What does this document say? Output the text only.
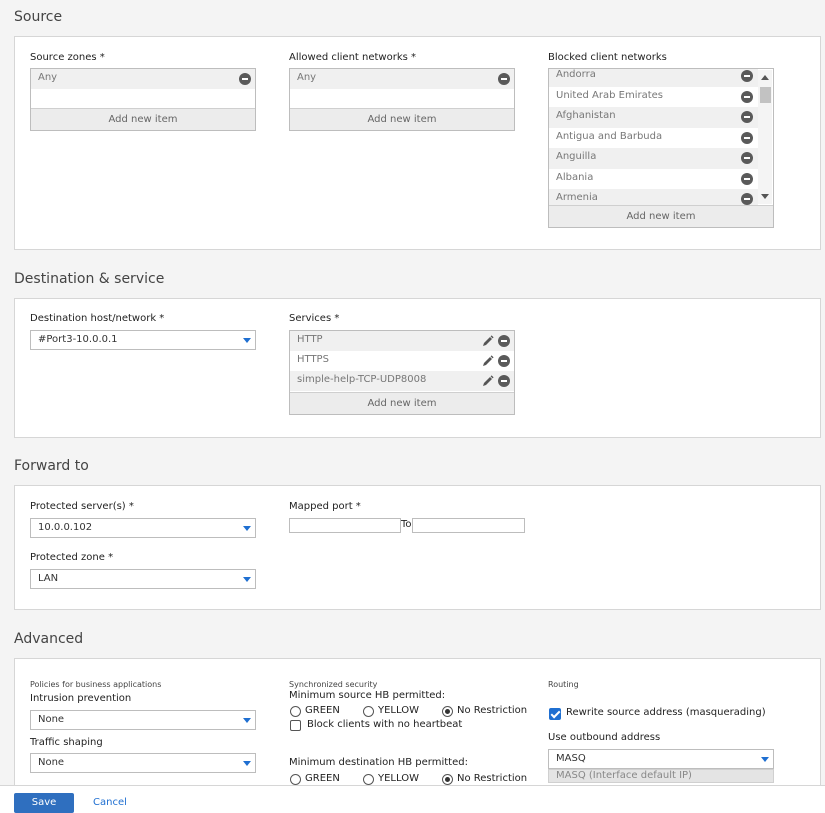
Source
Source zones *
Any
Add new item
Allowed client networks *
Any
Add new item
Blocked client networks
Andorra
United Arab Emirates
Afghanistan
Antigua and Barbuda
Anguilla
Albania
Armenia
Add new item
Destination & service
Destination host/network *
#Port3-10.0.0.1
Services *
HTTP
HTTPS
simple-help-TCP-UDP8008
Add new item
Forward to
Protected server(s) *
10.0.0.102
Protected zone *
LAN
Mapped port *
To
Advanced
Policies for business applications
Intrusion prevention
None
Traffic shaping
None
Synchronized security
Minimum source HB permitted:
GREEN	YELLOW	No Restriction
Block clients with no heartbeat
Minimum destination HB permitted:
GREEN	YELLOW	No Restriction
Routing
Rewrite source address (masquerading)
Use outbound address
MASQ
MASQ (Interface default IP)
Save	Cancel
